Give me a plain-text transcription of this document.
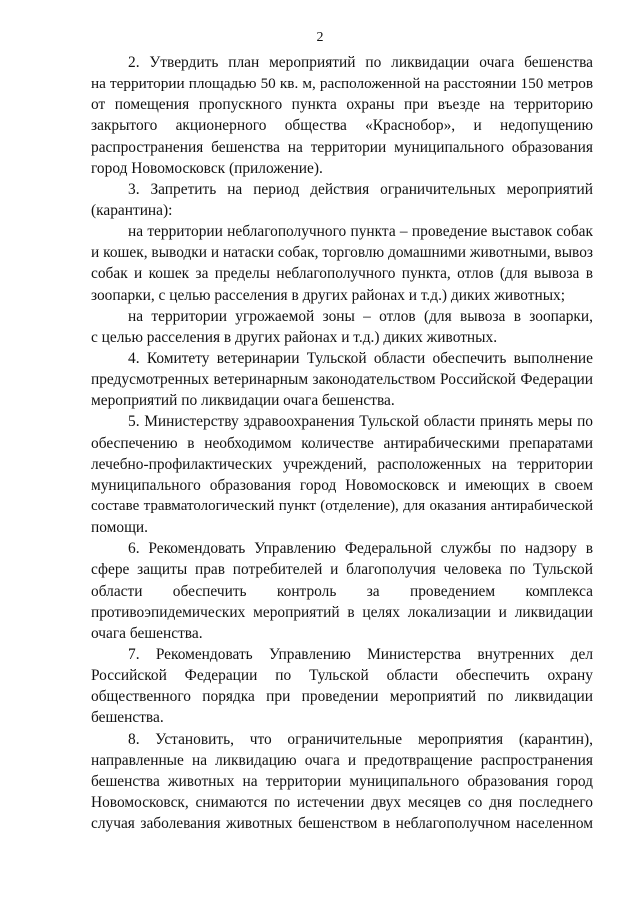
2
2. Утвердить план мероприятий по ликвидации очага бешенства
на территории площадью 50 кв. м, расположенной на расстоянии 150 метров
от помещения пропускного пункта охраны при въезде на территорию
закрытого акционерного общества «Краснобор», и недопущению
распространения бешенства на территории муниципального образования
город Новомосковск (приложение).
3. Запретить на период действия ограничительных мероприятий
(карантина):
на территории неблагополучного пункта – проведение выставок собак
и кошек, выводки и натаски собак, торговлю домашними животными, вывоз
собак и кошек за пределы неблагополучного пункта, отлов (для вывоза в
зоопарки, с целью расселения в других районах и т.д.) диких животных;
на территории угрожаемой зоны – отлов (для вывоза в зоопарки,
с целью расселения в других районах и т.д.) диких животных.
4. Комитету ветеринарии Тульской области обеспечить выполнение
предусмотренных ветеринарным законодательством Российской Федерации
мероприятий по ликвидации очага бешенства.
5. Министерству здравоохранения Тульской области принять меры по
обеспечению в необходимом количестве антирабическими препаратами
лечебно-профилактических учреждений, расположенных на территории
муниципального образования город Новомосковск и имеющих в своем
составе травматологический пункт (отделение), для оказания антирабической
помощи.
6. Рекомендовать Управлению Федеральной службы по надзору в
сфере защиты прав потребителей и благополучия человека по Тульской
области обеспечить контроль за проведением комплекса
противоэпидемических мероприятий в целях локализации и ликвидации
очага бешенства.
7. Рекомендовать Управлению Министерства внутренних дел
Российской Федерации по Тульской области обеспечить охрану
общественного порядка при проведении мероприятий по ликвидации
бешенства.
8. Установить, что ограничительные мероприятия (карантин),
направленные на ликвидацию очага и предотвращение распространения
бешенства животных на территории муниципального образования город
Новомосковск, снимаются по истечении двух месяцев со дня последнего
случая заболевания животных бешенством в неблагополучном населенном
